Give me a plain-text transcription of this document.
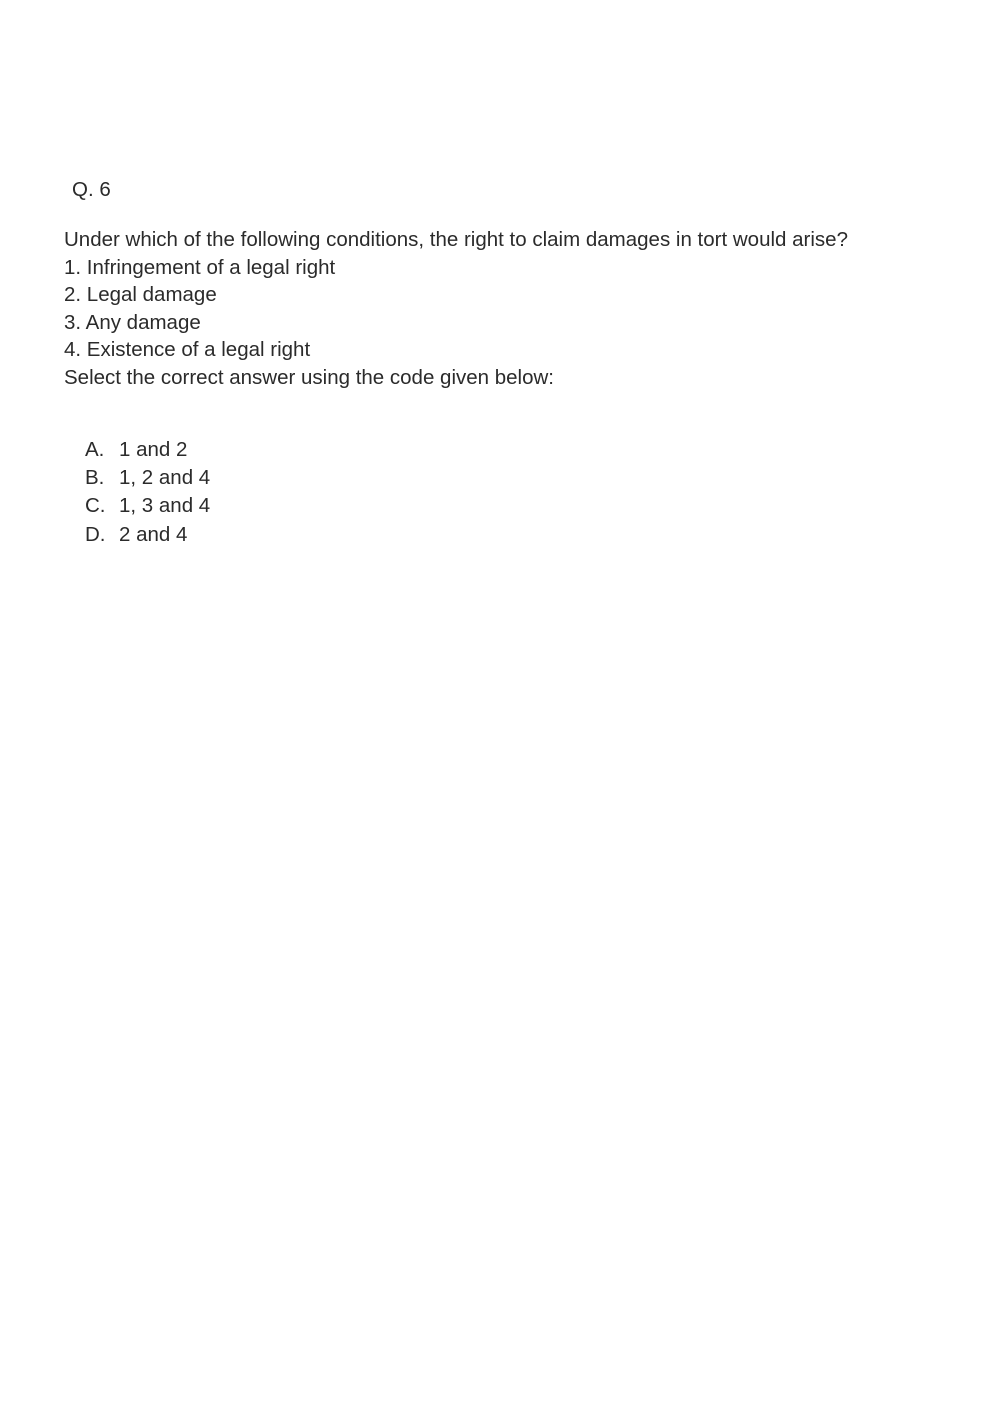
Q. 6
Under which of the following conditions, the right to claim damages in tort would arise?
1. Infringement of a legal right
2. Legal damage
3. Any damage
4. Existence of a legal right
Select the correct answer using the code given below:
A. 1 and 2
B. 1, 2 and 4
C. 1, 3 and 4
D. 2 and 4
